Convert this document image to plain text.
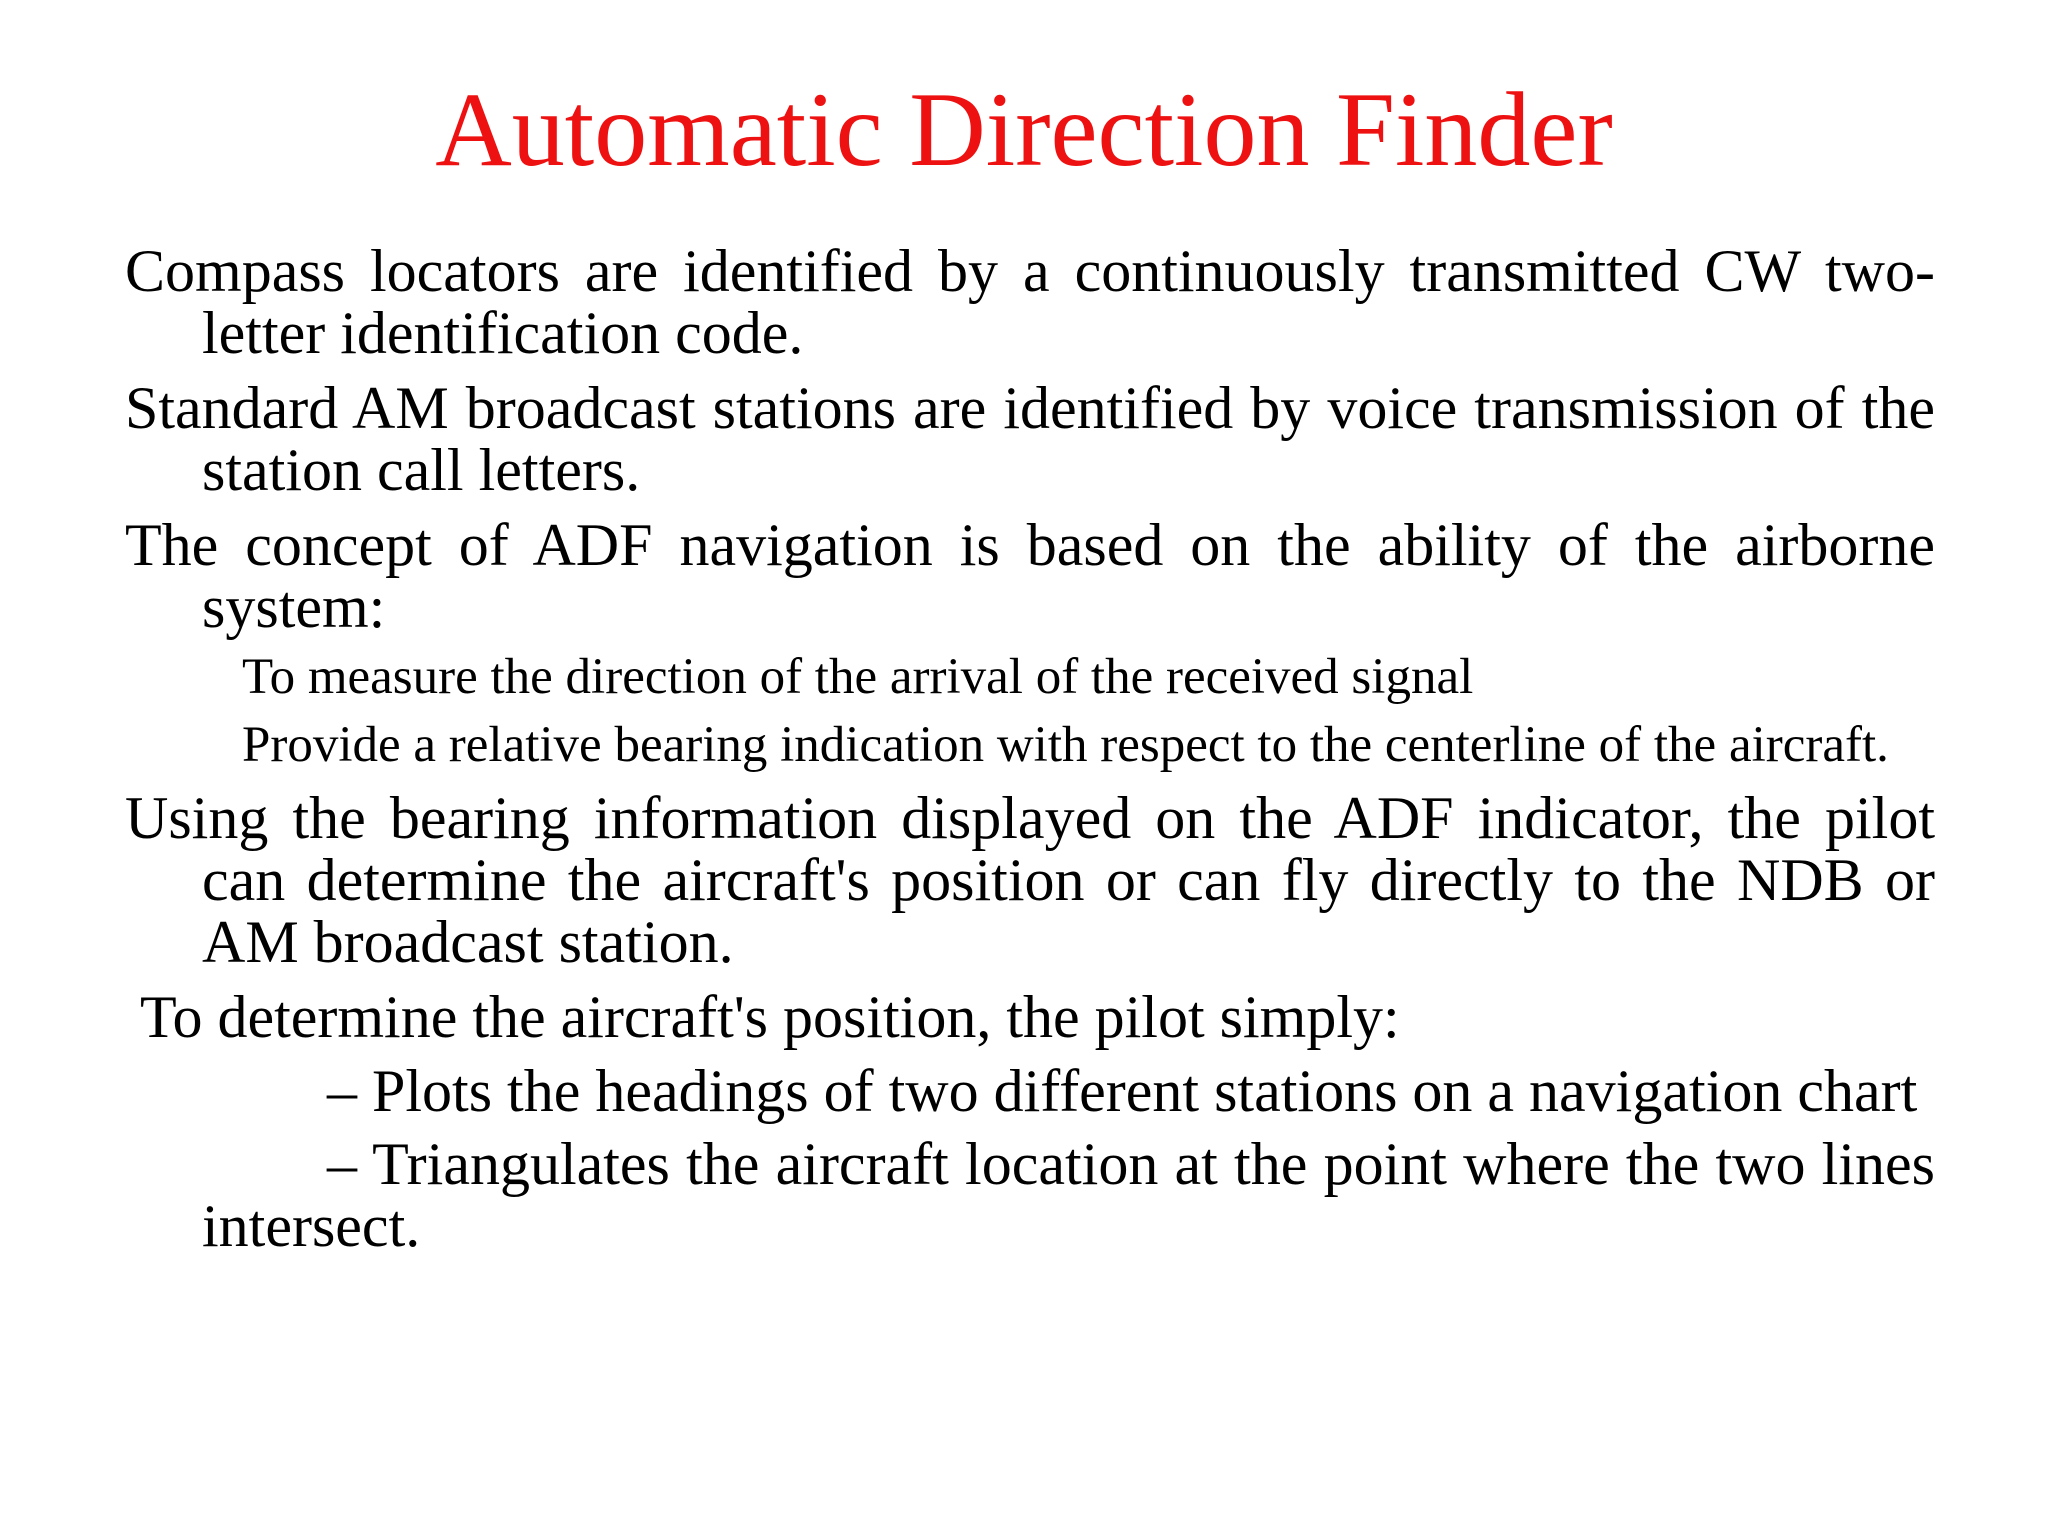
Automatic Direction Finder

Compass locators are identified by a continuously transmitted CW two-letter identification code.

Standard AM broadcast stations are identified by voice transmission of the station call letters.

The concept of ADF navigation is based on the ability of the airborne system:

To measure the direction of the arrival of the received signal

Provide a relative bearing indication with respect to the centerline of the aircraft.

Using the bearing information displayed on the ADF indicator, the pilot can determine the aircraft's position or can fly directly to the NDB or AM broadcast station.

To determine the aircraft's position, the pilot simply:

– Plots the headings of two different stations on a navigation chart

– Triangulates the aircraft location at the point where the two lines intersect.
